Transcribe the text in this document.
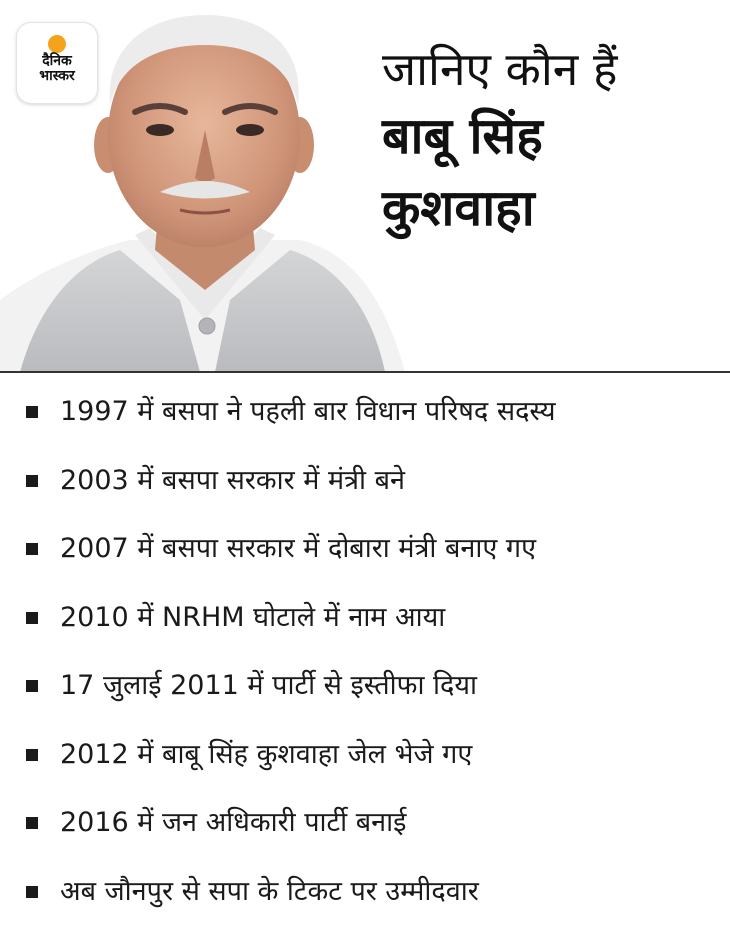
दैनिक
भास्कर	जानिए कौन हैं
बाबू सिंह
कुशवाहा
1997 में बसपा ने पहली बार विधान परिषद सदस्य
2003 में बसपा सरकार में मंत्री बने
2007 में बसपा सरकार में दोबारा मंत्री बनाए गए
2010 में NRHM घोटाले में नाम आया
17 जुलाई 2011 में पार्टी से इस्तीफा दिया
2012 में बाबू सिंह कुशवाहा जेल भेजे गए
2016 में जन अधिकारी पार्टी बनाई
अब जौनपुर से सपा के टिकट पर उम्मीदवार
